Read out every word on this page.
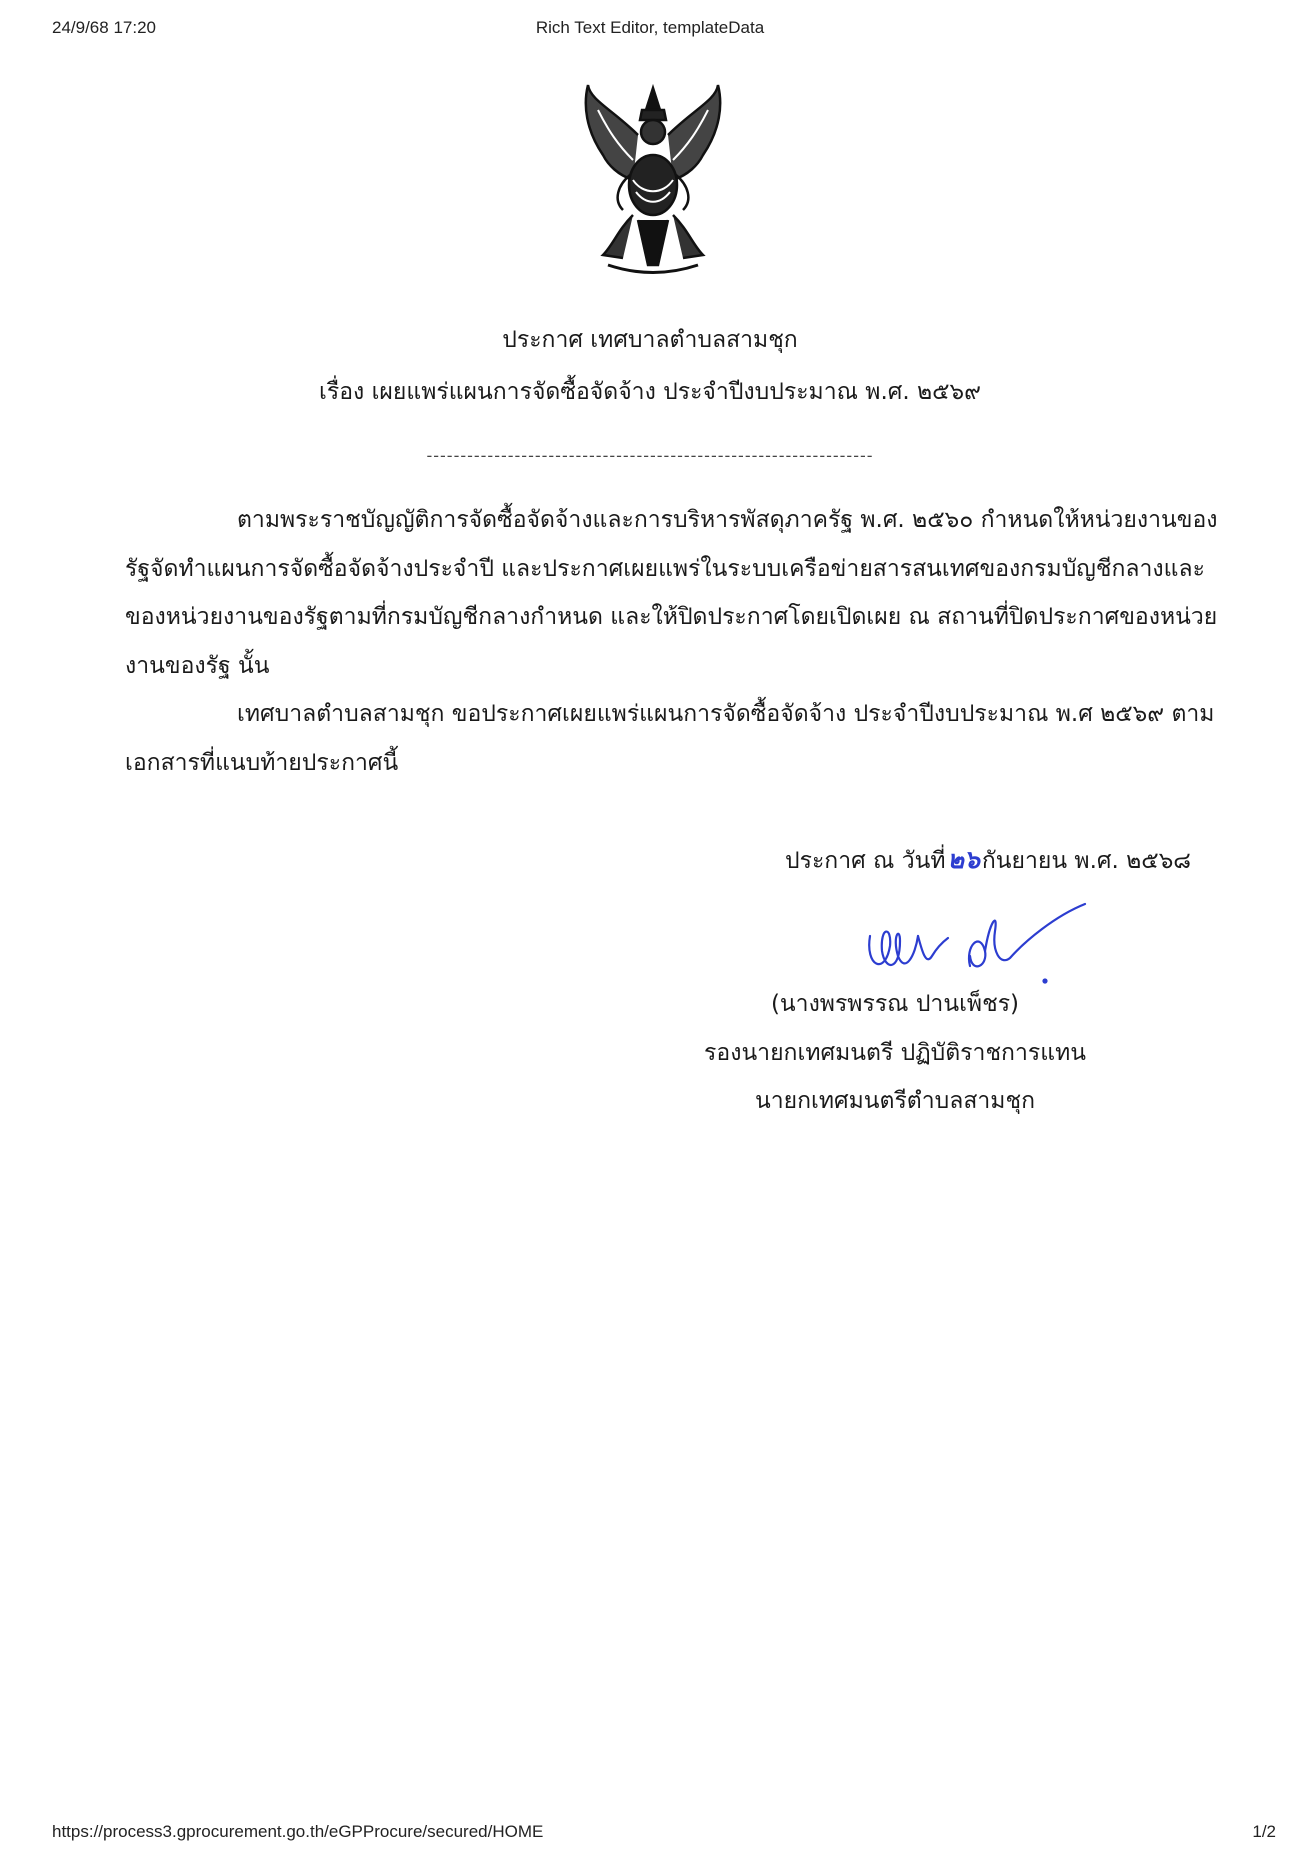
24/9/68 17:20	Rich Text Editor, templateData
ประกาศ เทศบาลตำบลสามชุก
เรื่อง เผยแพร่แผนการจัดซื้อจัดจ้าง ประจำปีงบประมาณ พ.ศ. ๒๕๖๙
------------------------------------------------------------------

ตามพระราชบัญญัติการจัดซื้อจัดจ้างและการบริหารพัสดุภาครัฐ พ.ศ. ๒๕๖๐ กำหนดให้หน่วยงานของรัฐจัดทำแผนการจัดซื้อจัดจ้างประจำปี และประกาศเผยแพร่ในระบบเครือข่ายสารสนเทศของกรมบัญชีกลางและของหน่วยงานของรัฐตามที่กรมบัญชีกลางกำหนด และให้ปิดประกาศโดยเปิดเผย ณ สถานที่ปิดประกาศของหน่วยงานของรัฐ นั้น

เทศบาลตำบลสามชุก ขอประกาศเผยแพร่แผนการจัดซื้อจัดจ้าง ประจำปีงบประมาณ พ.ศ ๒๕๖๙ ตามเอกสารที่แนบท้ายประกาศนี้

ประกาศ ณ วันที่๒๖กันยายน พ.ศ. ๒๕๖๘
(นางพรพรรณ ปานเพ็ชร)
รองนายกเทศมนตรี ปฏิบัติราชการแทน
นายกเทศมนตรีตำบลสามชุก
https://process3.gprocurement.go.th/eGPProcure/secured/HOME	1/2
